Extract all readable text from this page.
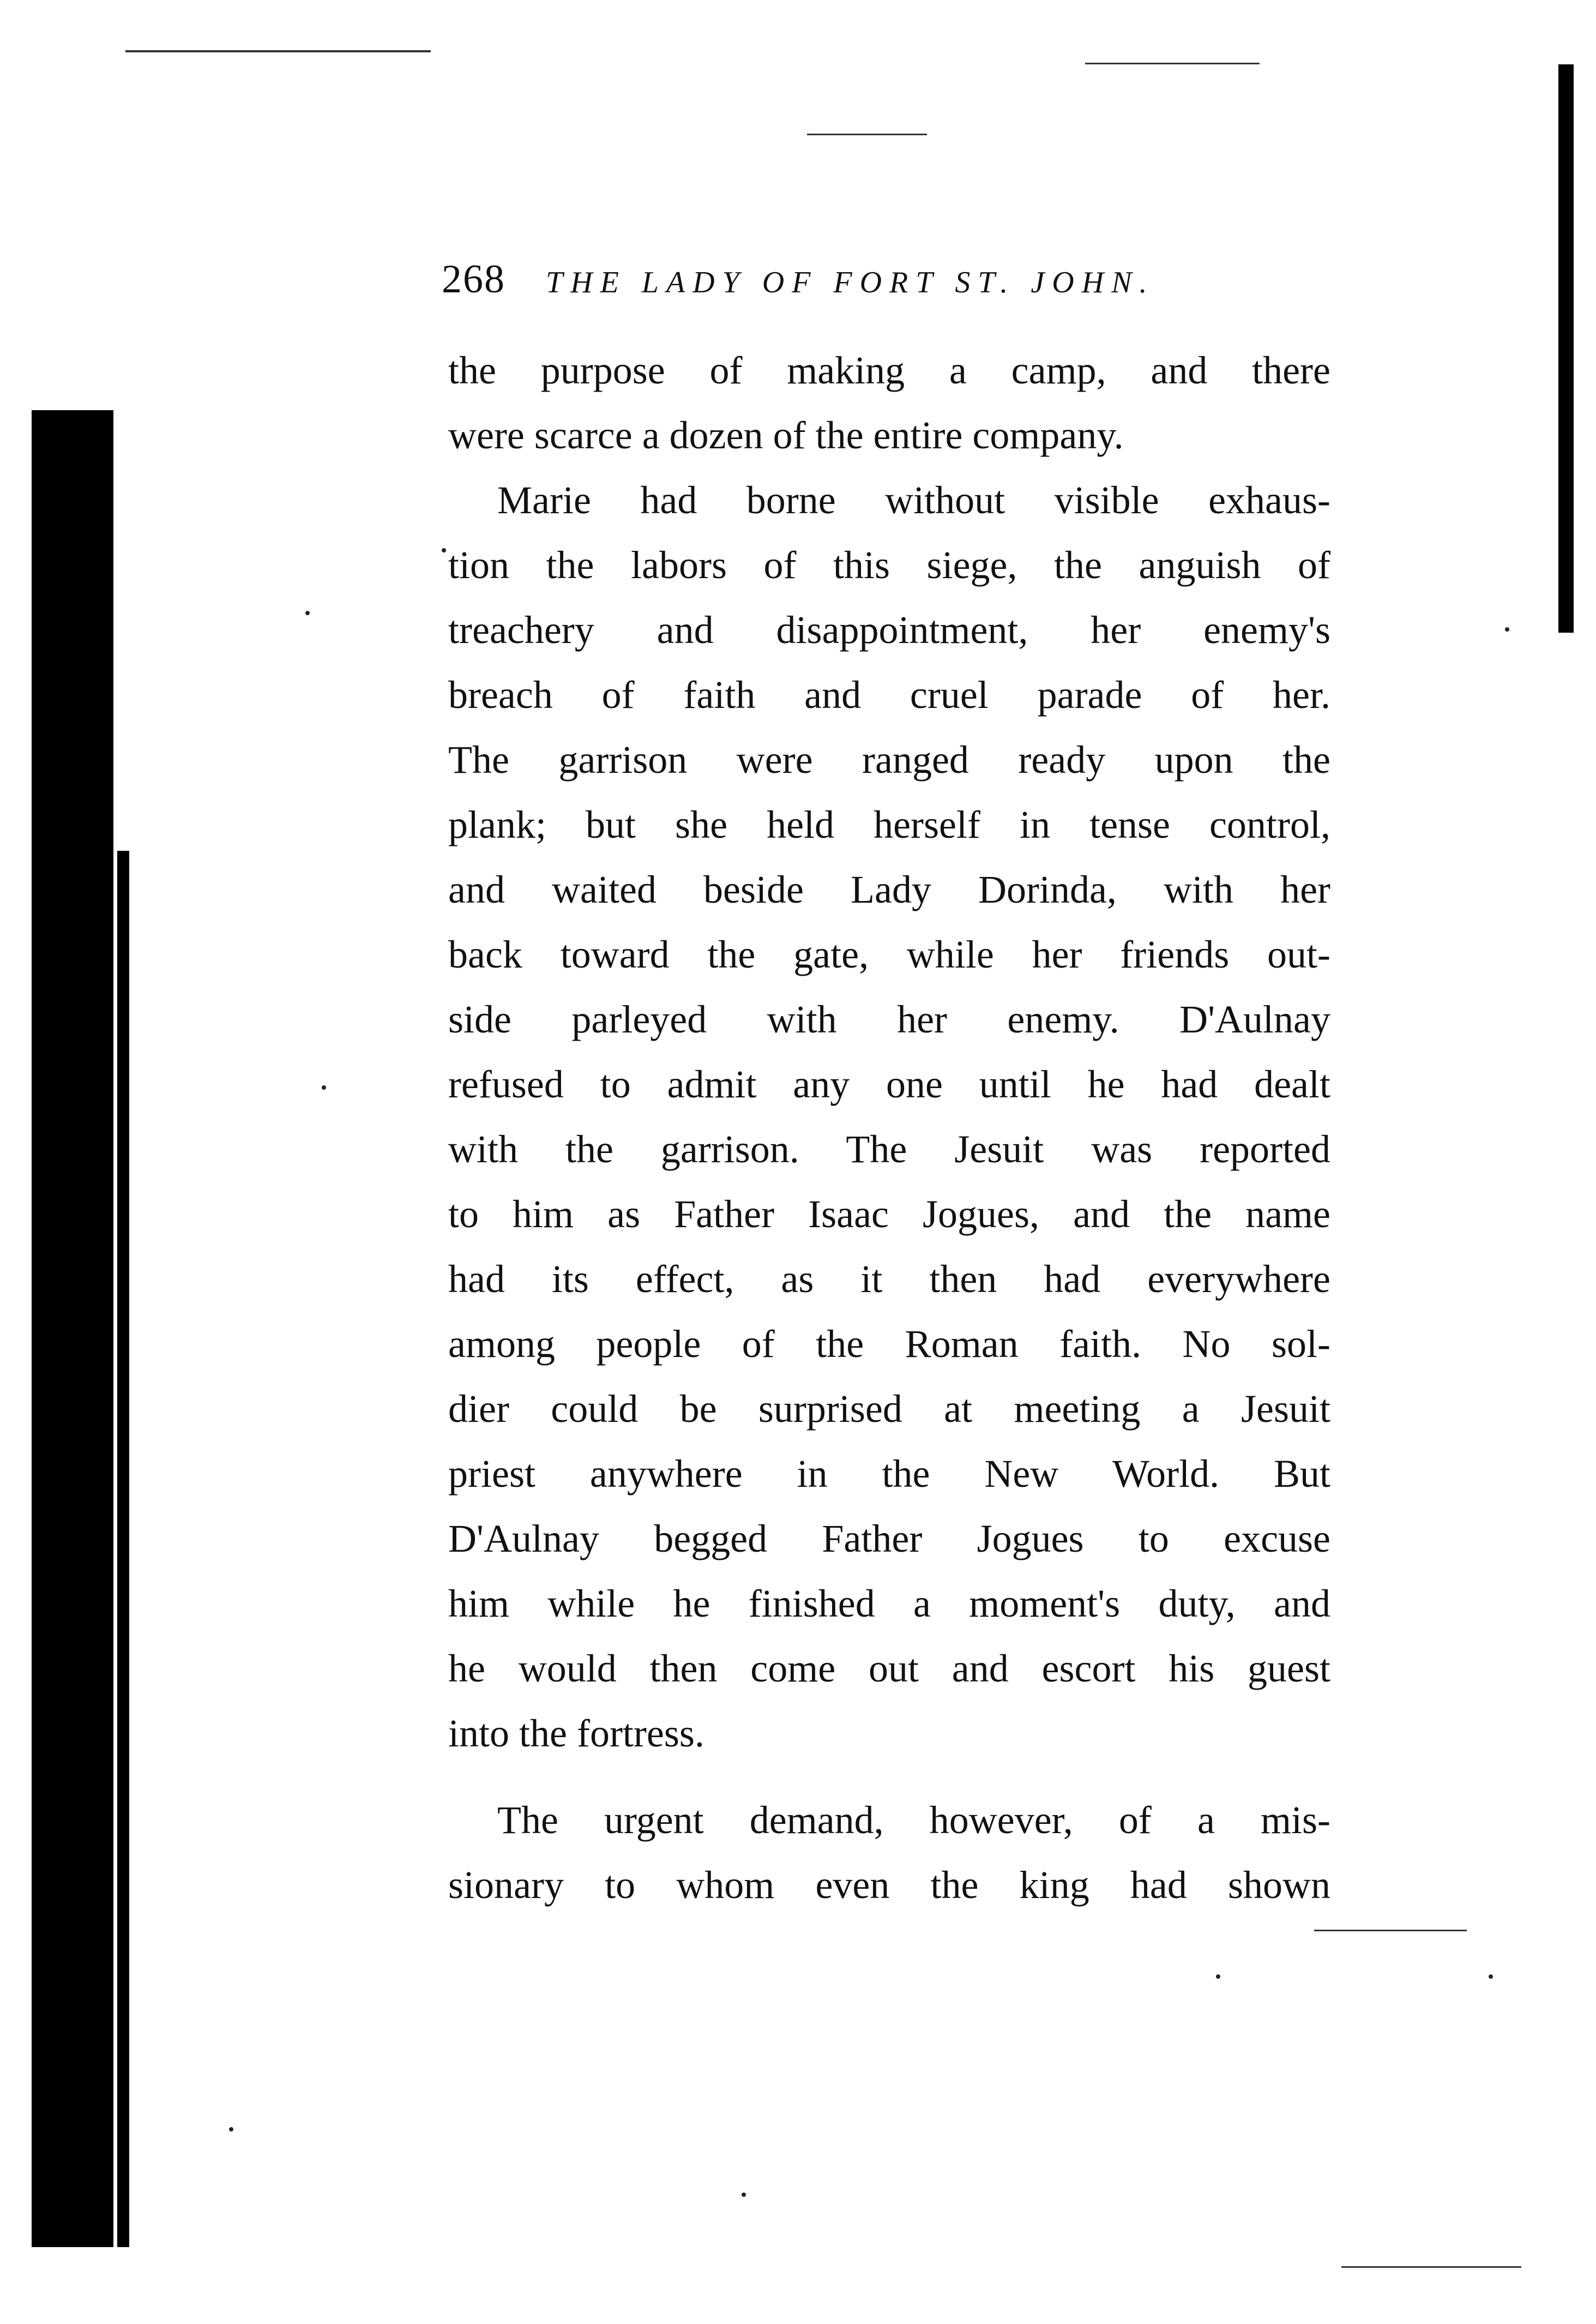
268 THE LADY OF FORT ST. JOHN.
the purpose of making a camp, and there
were scarce a dozen of the entire company.
Marie had borne without visible exhaus-
tion the labors of this siege, the anguish of
treachery and disappointment, her enemy's
breach of faith and cruel parade of her.
The garrison were ranged ready upon the
plank; but she held herself in tense control,
and waited beside Lady Dorinda, with her
back toward the gate, while her friends out-
side parleyed with her enemy. D'Aulnay
refused to admit any one until he had dealt
with the garrison. The Jesuit was reported
to him as Father Isaac Jogues, and the name
had its effect, as it then had everywhere
among people of the Roman faith. No sol-
dier could be surprised at meeting a Jesuit
priest anywhere in the New World. But
D'Aulnay begged Father Jogues to excuse
him while he finished a moment's duty, and
he would then come out and escort his guest
into the fortress.
The urgent demand, however, of a mis-
sionary to whom even the king had shown
